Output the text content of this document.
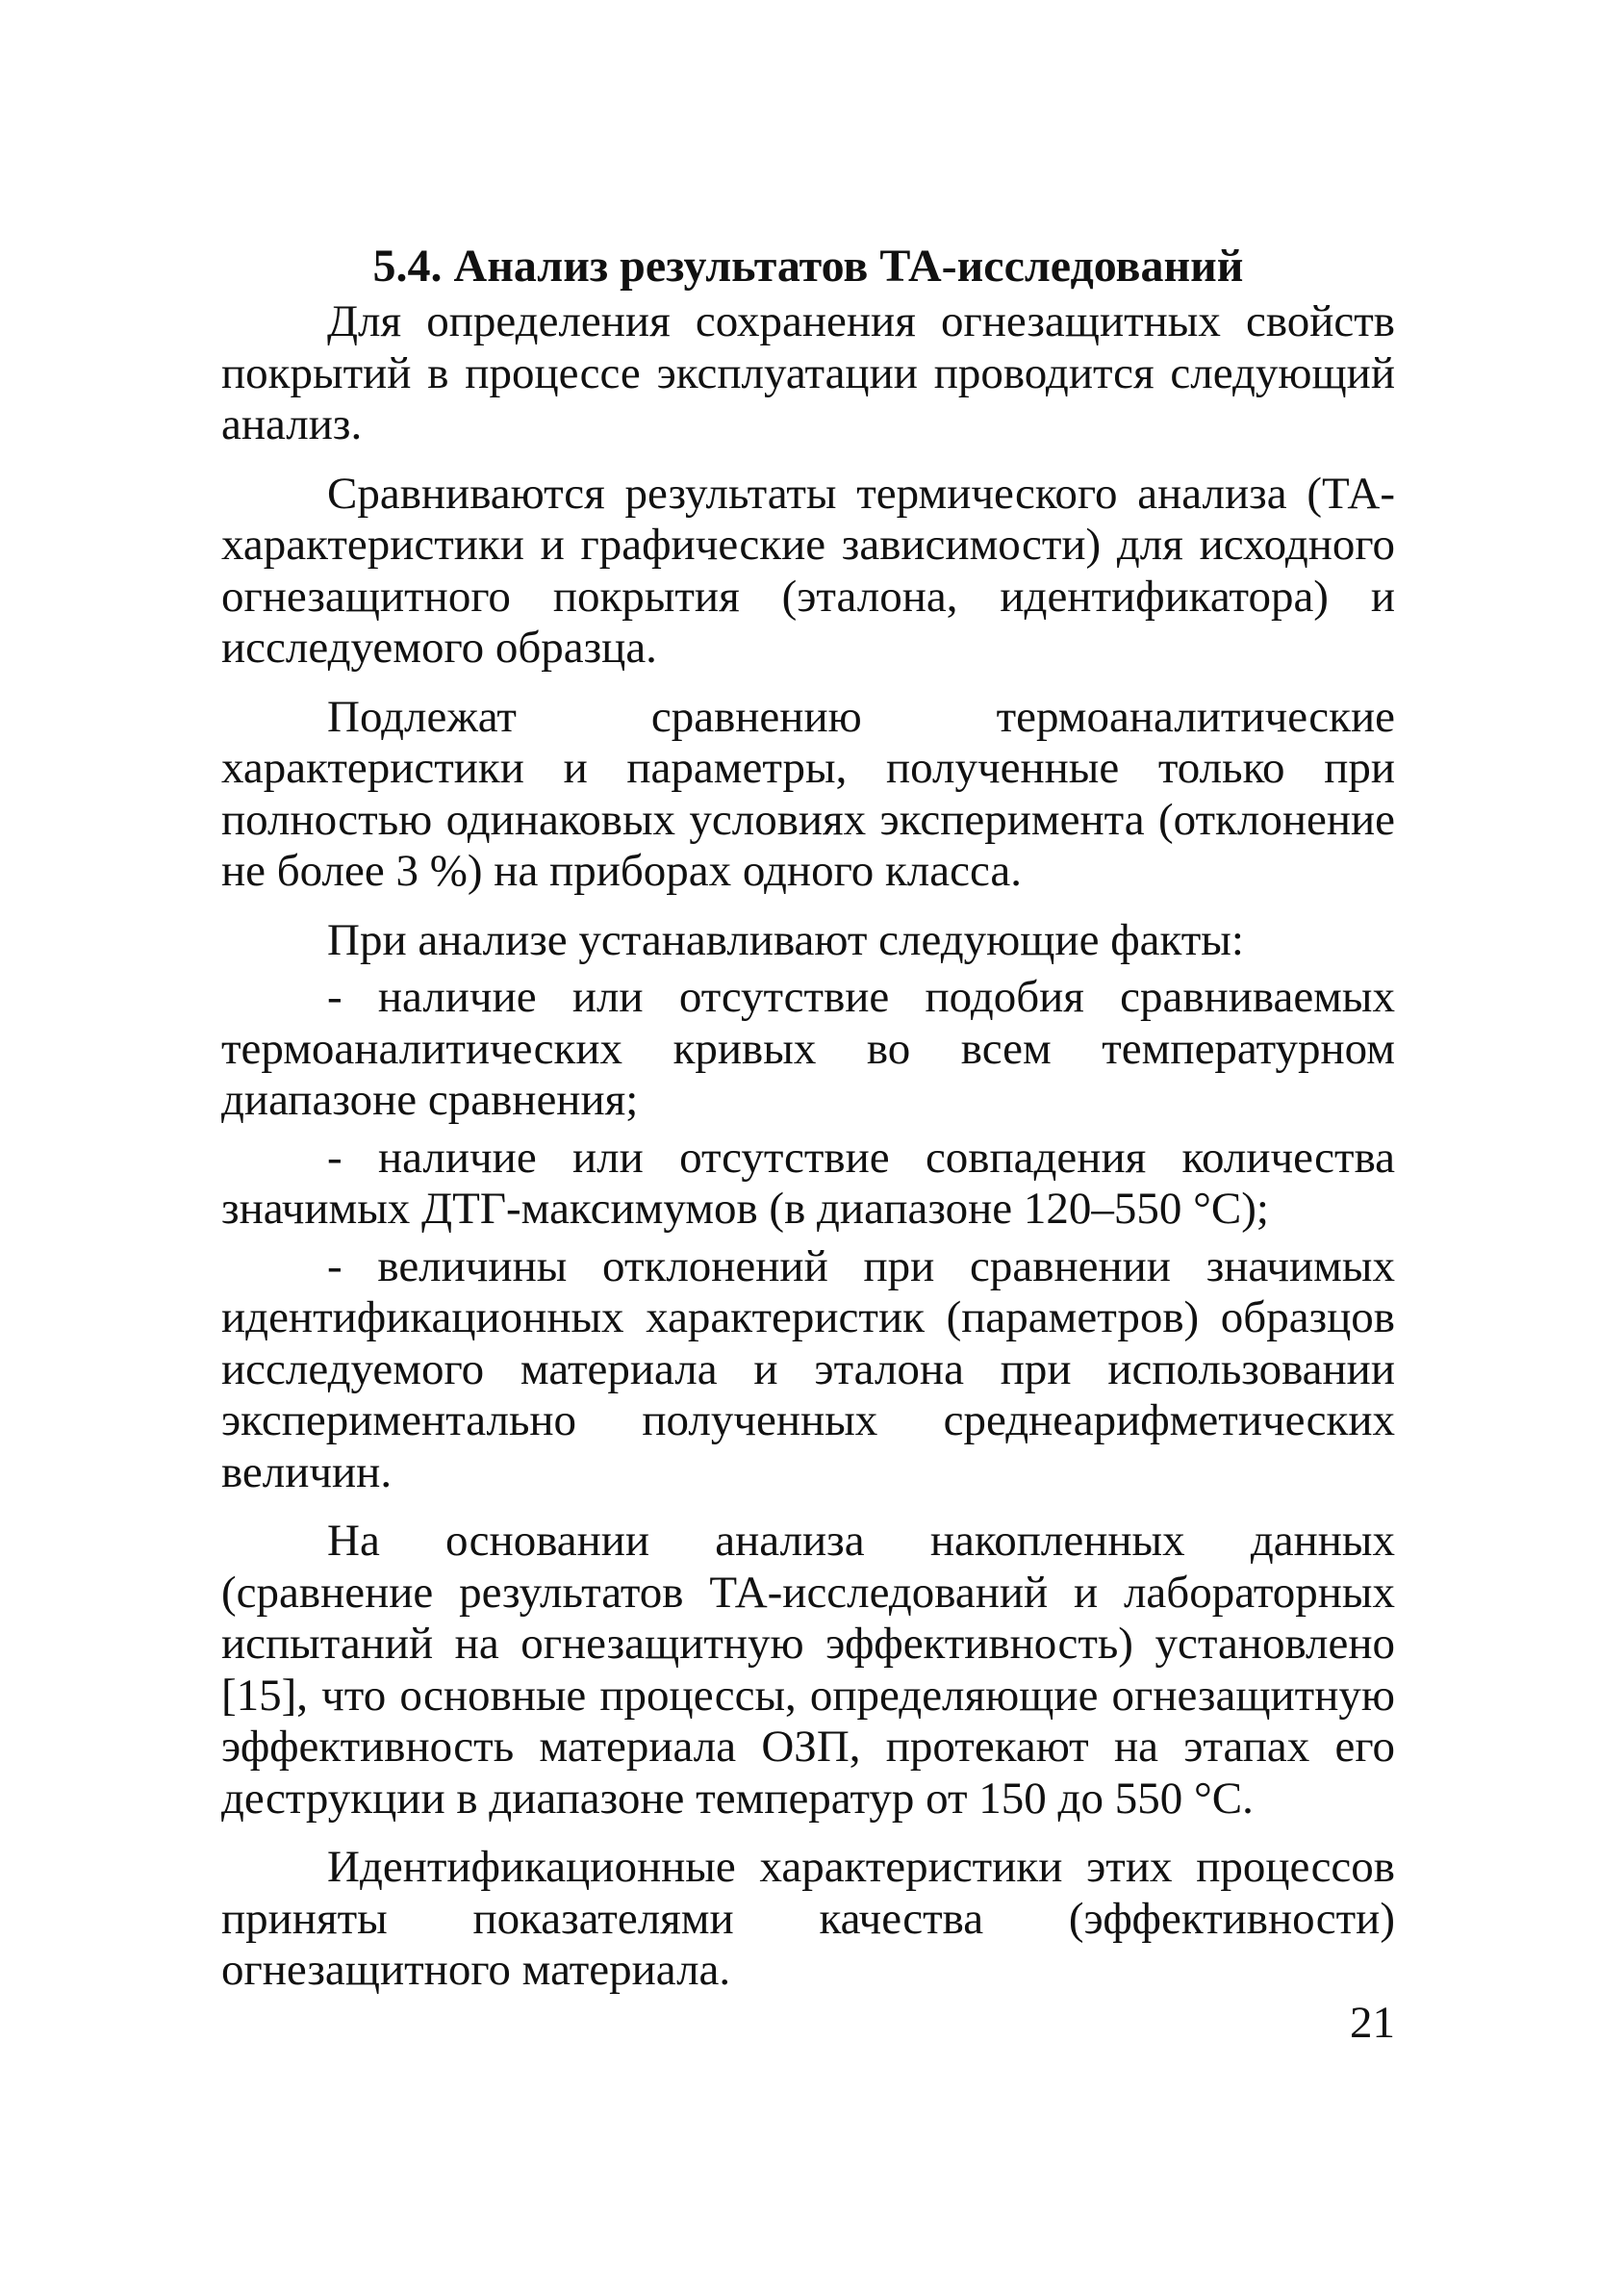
5.4. Анализ результатов ТА-исследований

Для определения сохранения огнезащитных свойств покрытий в процессе эксплуатации проводится следующий анализ.

Сравниваются результаты термического анализа (ТА-характеристики и графические зависимости) для исходного огнезащитного покрытия (эталона, идентификатора) и исследуемого образца.

Подлежат сравнению термоаналитические характеристики и параметры, полученные только при полностью одинаковых условиях эксперимента (отклонение не более 3 %) на приборах одного класса.

При анализе устанавливают следующие факты:

- наличие или отсутствие подобия сравниваемых термоаналитических кривых во всем температурном диапазоне сравнения;

- наличие или отсутствие совпадения количества значимых ДТГ-максимумов (в диапазоне 120–550 °С);

- величины отклонений при сравнении значимых идентификационных характеристик (параметров) образцов исследуемого материала и эталона при использовании экспериментально полученных среднеарифметических величин.

На основании анализа накопленных данных (сравнение результатов ТА-исследований и лабораторных испытаний на огнезащитную эффективность) установлено [15], что основные процессы, определяющие огнезащитную эффективность материала ОЗП, протекают на этапах его деструкции в диапазоне температур от 150 до 550 °С.

Идентификационные характеристики этих процессов приняты показателями качества (эффективности) огнезащитного материала.

21
